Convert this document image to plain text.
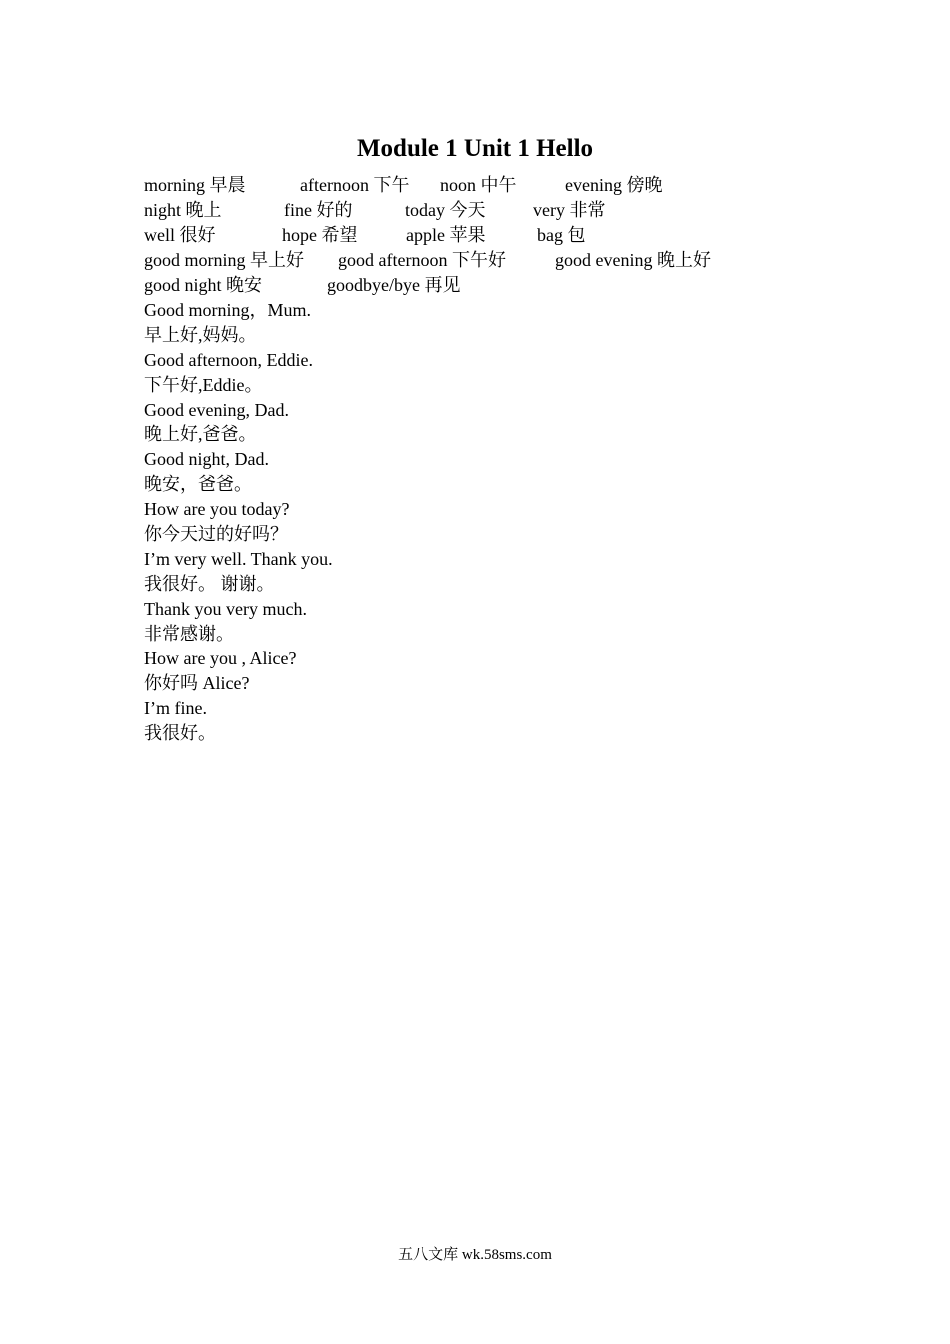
Module 1 Unit 1 Hello
morning 早晨	afternoon 下午 noon 中午	evening 傍晚
night 晚上	fine 好的	today 今天	very 非常
well 很好	hope 希望	apple 苹果	bag 包
good morning 早上好 good afternoon 下午好	good evening 晚上好
good night 晚安	goodbye/bye 再见
Good morning，Mum.
早上好,妈妈。
Good afternoon, Eddie.
下午好,Eddie。
Good evening, Dad.
晚上好,爸爸。
Good night, Dad.
晚安，爸爸。
How are you today?
你今天过的好吗？
I’m very well. Thank you.
我很好。 谢谢。
Thank you very much.
非常感谢。
How are you , Alice?
你好吗 Alice?
I’m fine.
我很好。
五八文库 wk.58sms.com
